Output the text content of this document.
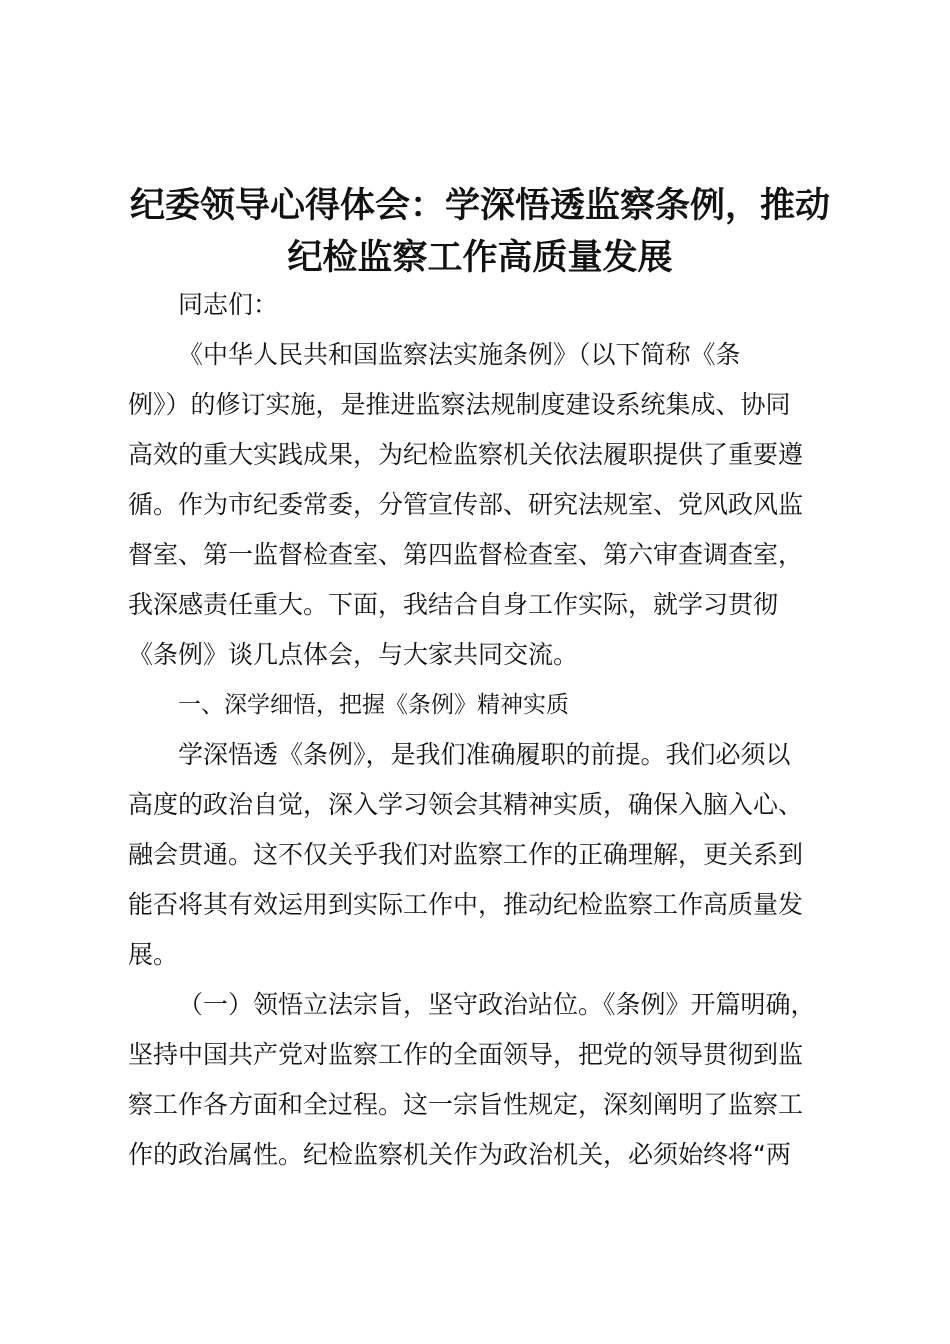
纪委领导心得体会：学深悟透监察条例，推动
纪检监察工作高质量发展

同志们：

《中华人民共和国监察法实施条例》（以下简称《条

例》）的修订实施，是推进监察法规制度建设系统集成、协同

高效的重大实践成果，为纪检监察机关依法履职提供了重要遵

循。作为市纪委常委，分管宣传部、研究法规室、党风政风监

督室、第一监督检查室、第四监督检查室、第六审查调查室，

我深感责任重大。下面，我结合自身工作实际，就学习贯彻

《条例》谈几点体会，与大家共同交流。

一、深学细悟，把握《条例》精神实质

学深悟透《条例》，是我们准确履职的前提。我们必须以

高度的政治自觉，深入学习领会其精神实质，确保入脑入心、

融会贯通。这不仅关乎我们对监察工作的正确理解，更关系到

能否将其有效运用到实际工作中，推动纪检监察工作高质量发

展。

（一）领悟立法宗旨，坚守政治站位。《条例》开篇明确，

坚持中国共产党对监察工作的全面领导，把党的领导贯彻到监

察工作各方面和全过程。这一宗旨性规定，深刻阐明了监察工

作的政治属性。纪检监察机关作为政治机关，必须始终将“两
